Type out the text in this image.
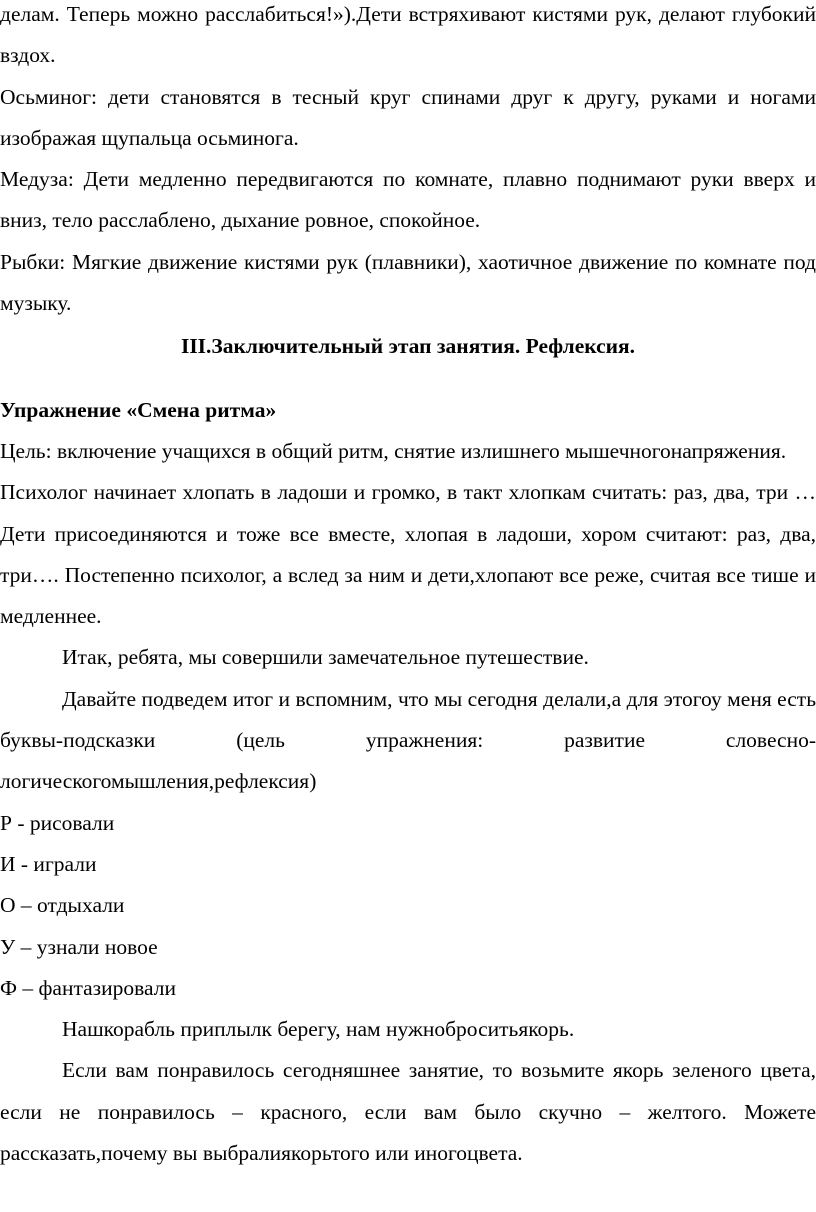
делам. Теперь можно расслабиться!»).Дети встряхивают кистями рук, делают глубокий вздох.

Осьминог: дети становятся в тесный круг спинами друг к другу, руками и ногами изображая щупальца осьминога.

Медуза: Дети медленно передвигаются по комнате, плавно поднимают руки вверх и вниз, тело расслаблено, дыхание ровное, спокойное.

Рыбки: Мягкие движение кистями рук (плавники), хаотичное движение по комнате под музыку.

III.Заключительный этап занятия. Рефлексия.

Упражнение «Смена ритма»

Цель: включение учащихся в общий ритм, снятие излишнего мышечногонапряжения.

Психолог начинает хлопать в ладоши и громко, в такт хлопкам считать: раз, два, три … Дети присоединяются и тоже все вместе, хлопая в ладоши, хором считают: раз, два, три…. Постепенно психолог, а вслед за ним и дети,хлопают все реже, считая все тише и медленнее.

Итак, ребята, мы совершили замечательное путешествие.

Давайте подведем итог и вспомним, что мы сегодня делали,а для этогоу меня есть буквы-подсказки (цель упражнения: развитие словесно-логическогомышления,рефлексия)

Р - рисовали

И - играли

О – отдыхали

У – узнали новое

Ф – фантазировали

Нашкорабль приплылк берегу, нам нужноброситьякорь.

Если вам понравилось сегодняшнее занятие, то возьмите якорь зеленого цвета, если не понравилось – красного, если вам было скучно – желтого. Можете рассказать,почему вы выбралиякорьтого или иногоцвета.
